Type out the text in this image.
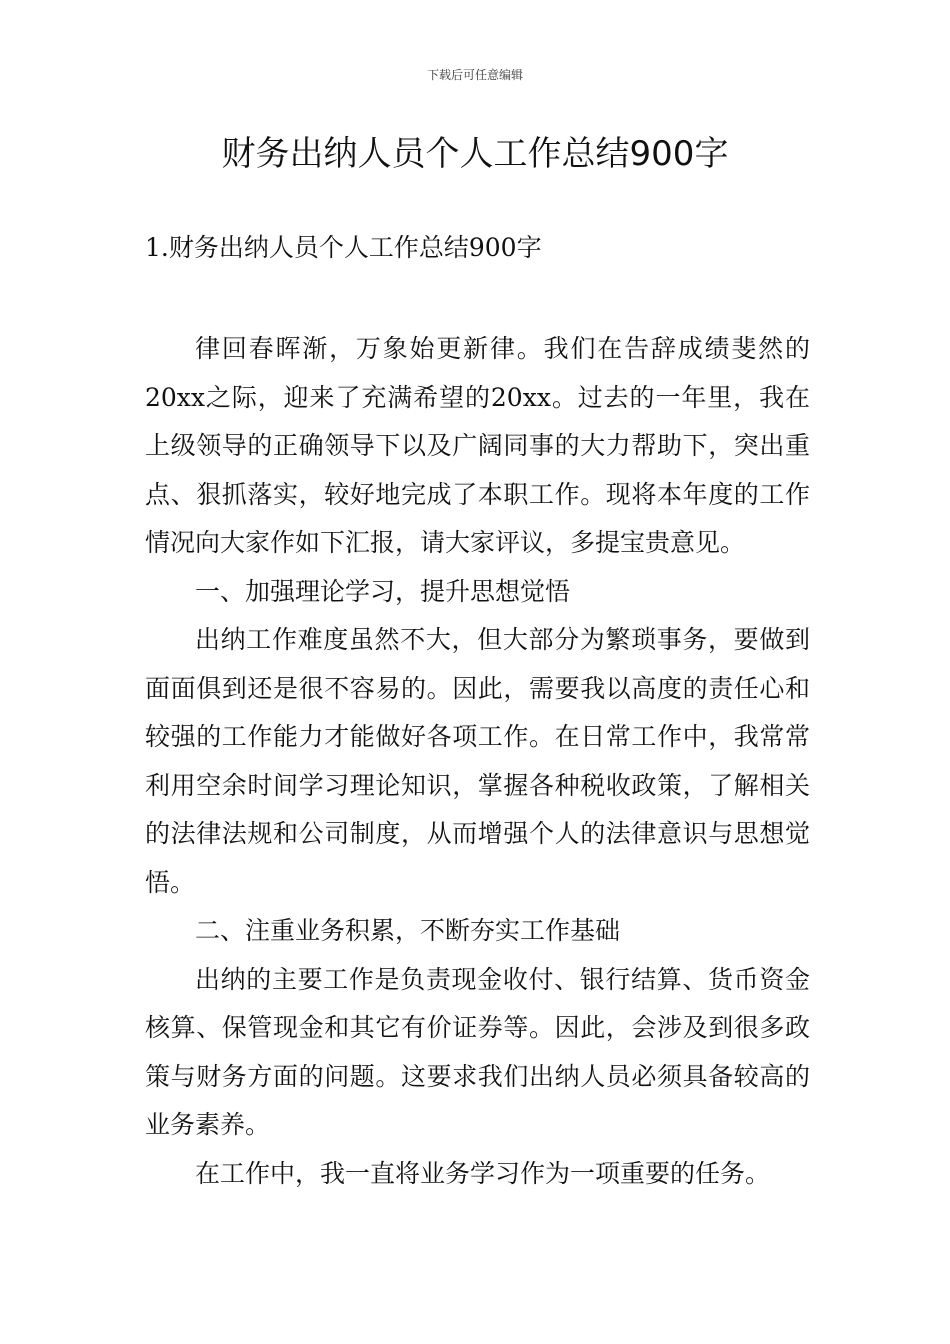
下载后可任意编辑
财务出纳人员个人工作总结900字

1.财务出纳人员个人工作总结900字

律回春晖渐，万象始更新律。我们在告辞成绩斐然的20xx之际，迎来了充满希望的20xx。过去的一年里，我在上级领导的正确领导下以及广阔同事的大力帮助下，突出重点、狠抓落实，较好地完成了本职工作。现将本年度的工作情况向大家作如下汇报，请大家评议，多提宝贵意见。

一、加强理论学习，提升思想觉悟

出纳工作难度虽然不大，但大部分为繁琐事务，要做到面面俱到还是很不容易的。因此，需要我以高度的责任心和较强的工作能力才能做好各项工作。在日常工作中，我常常利用空余时间学习理论知识，掌握各种税收政策，了解相关的法律法规和公司制度，从而增强个人的法律意识与思想觉悟。

二、注重业务积累，不断夯实工作基础

出纳的主要工作是负责现金收付、银行结算、货币资金核算、保管现金和其它有价证券等。因此，会涉及到很多政策与财务方面的问题。这要求我们出纳人员必须具备较高的业务素养。

在工作中，我一直将业务学习作为一项重要的任务。
